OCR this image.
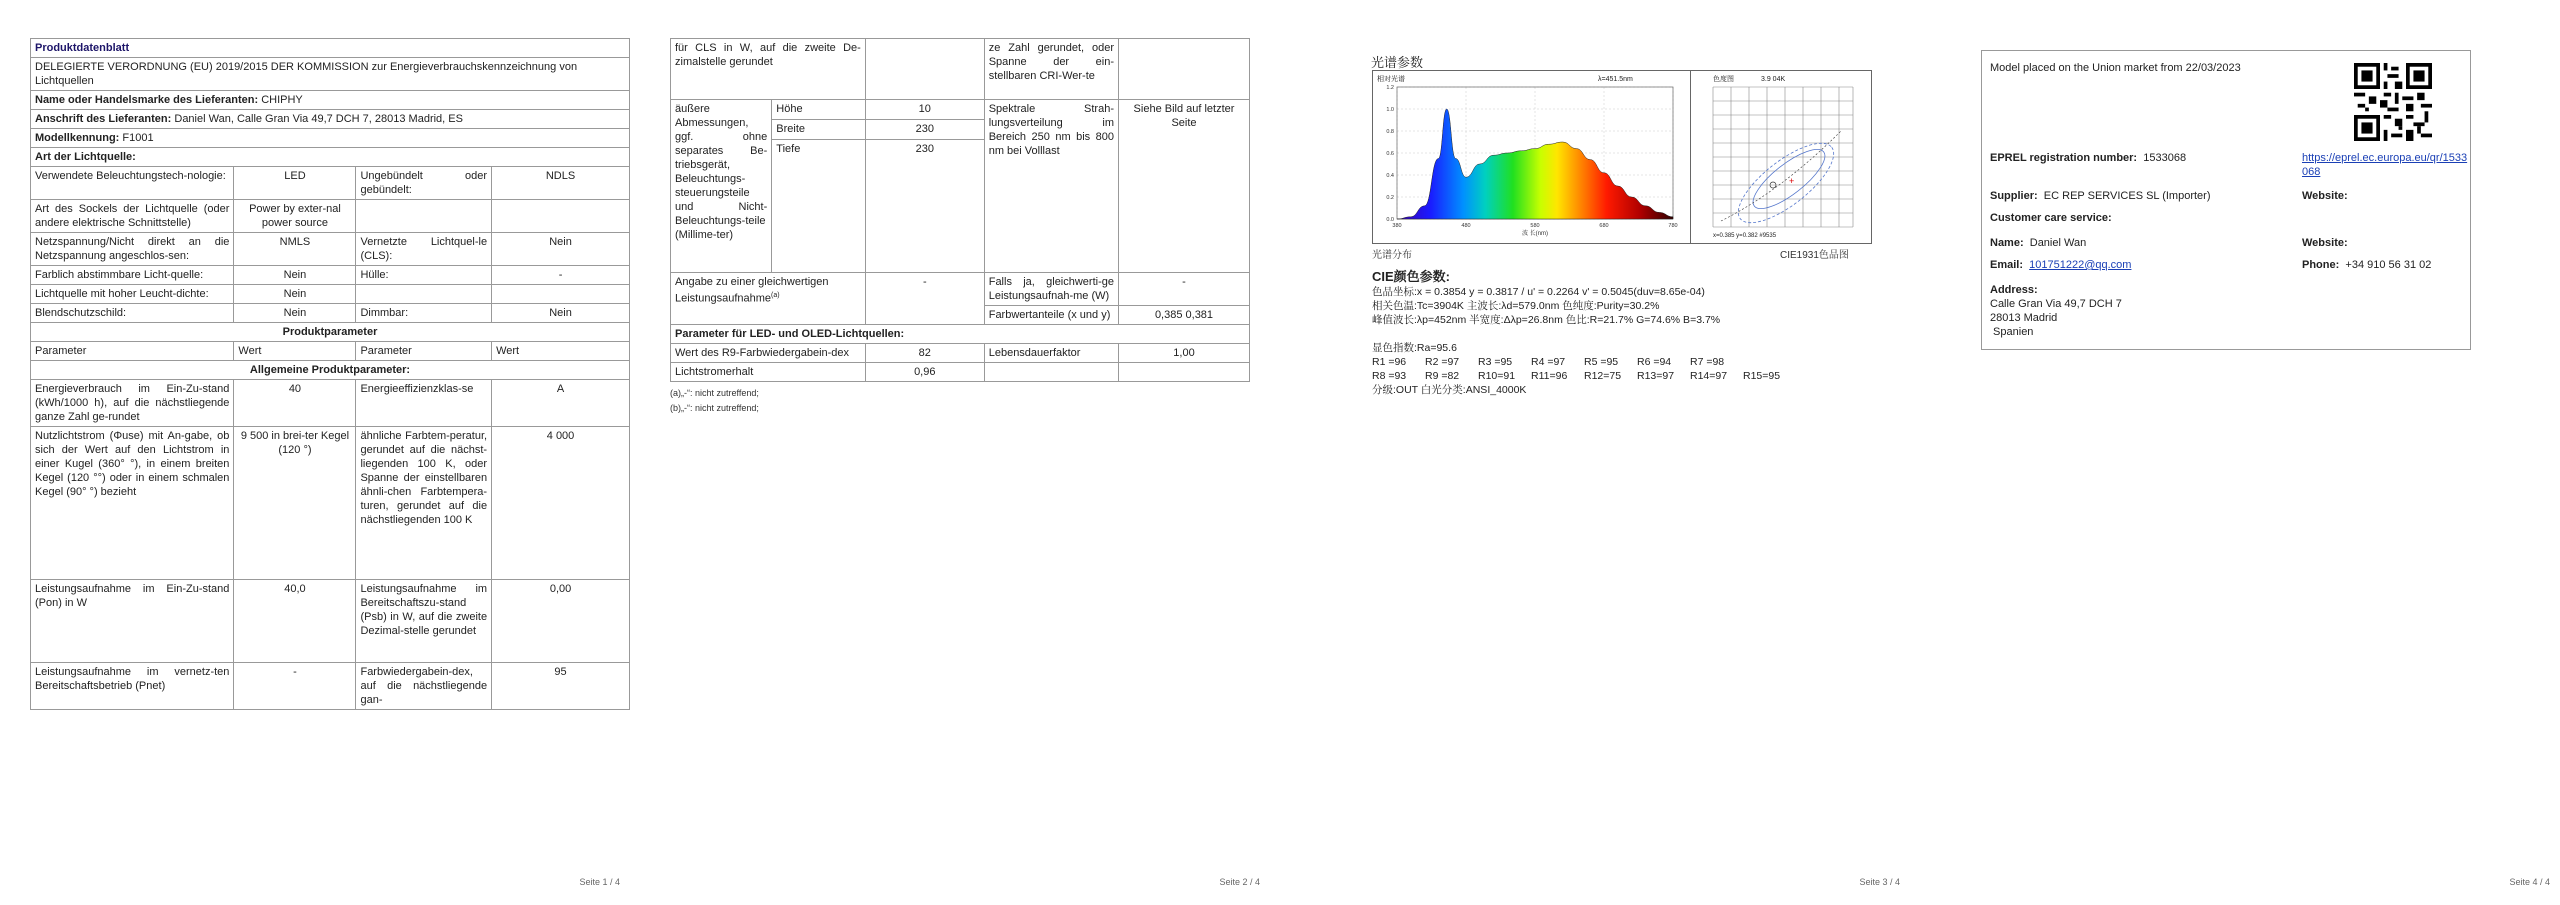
Produktdatenblatt			
DELEGIERTE VERORDNUNG (EU) 2019/2015 DER KOMMISSION zur Energieverbrauchskennzeichnung von Lichtquellen			
Name oder Handelsmarke des Lieferanten: CHIPHY			
Anschrift des Lieferanten: Daniel Wan, Calle Gran Via 49,7 DCH 7, 28013 Madrid, ES			
Modellkennung: F1001			
Art der Lichtquelle:			
Verwendete Beleuchtungstech-nologie:	LED	Ungebündelt oder gebündelt:	NDLS
Art des Sockels der Lichtquelle (oder andere elektrische Schnittstelle)	Power by exter-nal power source		
Netzspannung/Nicht direkt an die Netzspannung angeschlos-sen:	NMLS	Vernetzte Lichtquel-le (CLS):	Nein
Farblich abstimmbare Licht-quelle:	Nein	Hülle:	-
Lichtquelle mit hoher Leucht-dichte:	Nein		
Blendschutzschild:	Nein	Dimmbar:	Nein
Produktparameter			
Parameter	Wert	Parameter	Wert
Allgemeine Produktparameter:			
Energieverbrauch im Ein-Zu-stand (kWh/1000 h), auf die nächstliegende ganze Zahl ge-rundet	40	Energieeffizienzklas-se	A
Nutzlichtstrom (Φuse) mit An-gabe, ob sich der Wert auf den Lichtstrom in einer Kugel (360° °), in einem breiten Kegel (120 °°) oder in einem schmalen Kegel (90° °) bezieht	9 500 in brei-ter Kegel (120 °)	ähnliche Farbtem-peratur, gerundet auf die nächst-liegenden 100 K, oder Spanne der einstellbaren ähnli-chen Farbtempera-turen, gerundet auf die nächstliegenden 100 K	4 000
Leistungsaufnahme im Ein-Zu-stand (Pon) in W	40,0	Leistungsaufnahme im Bereitschaftszu-stand (Psb) in W, auf die zweite Dezimal-stelle gerundet	0,00
Leistungsaufnahme im vernetz-ten Bereitschaftsbetrieb (Pnet)	-	Farbwiedergabein-dex, auf die nächstliegende gan-	95
Seite 1 / 4
für CLS in W, auf die zweite De-zimalstelle gerundet			ze Zahl gerundet, oder Spanne der ein-stellbaren CRI-Wer-te	
äußere Abmessungen, ggf. ohne separates Be-triebsgerät, Beleuchtungs-steuerungsteile und Nicht-Beleuchtungs-teile (Millime-ter)	Höhe	10	Spektrale Strah-lungsverteilung im Bereich 250 nm bis 800 nm bei Volllast	Siehe Bild auf letzter Seite
	Breite	230		
	Tiefe	230		
Angabe zu einer gleichwertigen Leistungsaufnahme$^{(a)}$		-	Falls ja, gleichwerti-ge Leistungsaufnah-me (W)	-
			Farbwertanteile (x und y)	0,385 0,381
Parameter für LED- und OLED-Lichtquellen:				
Wert des R9-Farbwiedergabein-dex		82	Lebensdauerfaktor	1,00
Lichtstromerhalt		0,96		
(a)„-“: nicht zutreffend;
(b)„-“: nicht zutreffend;
Seite 2 / 4
光谱参数
相对光谱	λ=451.5nm
0.0
0.2
0.4
0.6
0.8
1.0
1.2
380	480	580	680	780
波 长(nm)
色度图	3.9 04K
+
x=0.385 y=0.382 #9535
光谱分布	CIE1931色品图
CIE颜色参数:
色品坐标:x = 0.3854 y = 0.3817 / u' = 0.2264 v' = 0.5045(duv=8.65e-04)
相关色温:Tc=3904K 主波长:λd=579.0nm 色纯度:Purity=30.2%
峰值波长:λp=452nm 半宽度:Δλp=26.8nm 色比:R=21.7% G=74.6% B=3.7%
显色指数:Ra=95.6
R1 =96 R2 =97 R3 =95 R4 =97 R5 =95 R6 =94 R7 =98
R8 =93 R9 =82 R10=91 R11=96 R12=75 R13=97 R14=97 R15=95
分级:OUT 白光分类:ANSI_4000K
Seite 3 / 4
Model placed on the Union market from 22/03/2023
EPREL registration number: 1533068	https://eprel.ec.europa.eu/qr/1533068
Supplier: EC REP SERVICES SL (Importer)	Website:
Customer care service:
Name: Daniel Wan	Website:
Email: 101751222@qq.com	Phone: +34 910 56 31 02
Address:
Calle Gran Via 49,7 DCH 7
28013 Madrid
Spanien
Seite 4 / 4
